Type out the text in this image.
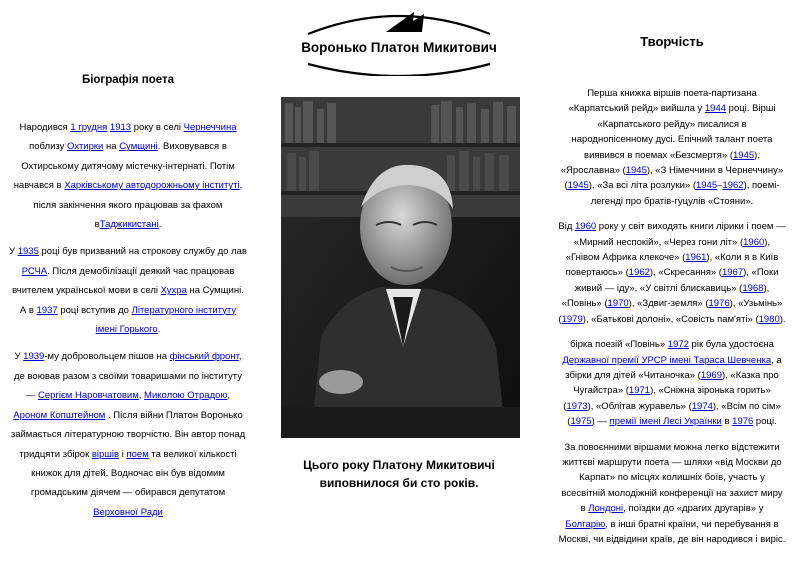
Воронько Платон Микитович
Біографія поета

Народився 1 грудня 1913 року в селі Чернеччина поблизу Охтирки на Сумщині. Виховувався в Охтирському дитячому містечку-інтернаті. Потім навчався в Харківському автодорожньому інституті, після закінчення якого працював за фахом вТаджикистані.

У 1935 році був призваний на строкову службу до лав РСЧА. Після демобілізації деякий час працював вчителем української мови в селі Хухра на Сумщині. А в 1937 році вступив до Літературного інституту імені Горького.

У 1939-му добровольцем пішов на фінський фронт, де воював разом з своїми товаришами по інституту — Сергієм Наровчатовим, Миколою Отрадою, Ароном Копштейном . Після війни Платон Воронько займається літературною творчістю. Він автор понад тридцяти збірок віршів і поем та великої кількості книжок для дітей. Водночас він був відомим громадським діячем — обирався депутатом Верховної Ради

Цього року Платону Микитовичі виповнилося би сто років.
Творчість

Перша книжка віршів поета-партизана «Карпатський рейд» вийшла у 1944 році. Вірші «Карпатського рейду» писалися в народнопісенному дусі. Епічний талант поета виявився в поемах «Безсмертя» (1945), «Ярославна» (1945), «З Німеччини в Чернеччину» (1945), «За всі літа розлуки» (1945–1962), поемі-легенді про братів-гуцулів «Стояни».

Від 1960 року у світ виходять книги лірики і поем — «Мирний неспокій», «Через гони літ» (1960), «Гнівом Африка клекоче» (1961), «Коли я в Київ повертаюсь» (1962), «Скресання» (1967), «Поки живий — іду», «У світлі блискавиць» (1968), «Повінь» (1970), «Здвиг-земля» (1976), «Узьмінь» (1979), «Батькові долоні», «Совість пам'яті» (1980).

бірка поезій «Повінь» 1972 рік була удостоєна Державної премії УРСР імені Тараса Шевченка, а збірки для дітей «Читаночка» (1969), «Казка про Чугайстра» (1971), «Сніжна зіронька горить» (1973), «Облітав журавель» (1974), «Всім по сім» (1975) — премії імені Лесі Українки в 1976 році.

За повоєнними віршами можна легко відстежити життєві маршрути поета — шляхи «від Москви до Карпат» по місцях колишніх боїв, участь у всесвітній молодіжній конференції на захист миру в Лондоні, поїздки до «драгих другарів» у Болгарію, в інші братні країни, чи перебування в Москві, чи відвідини країв, де він народився і виріс.
